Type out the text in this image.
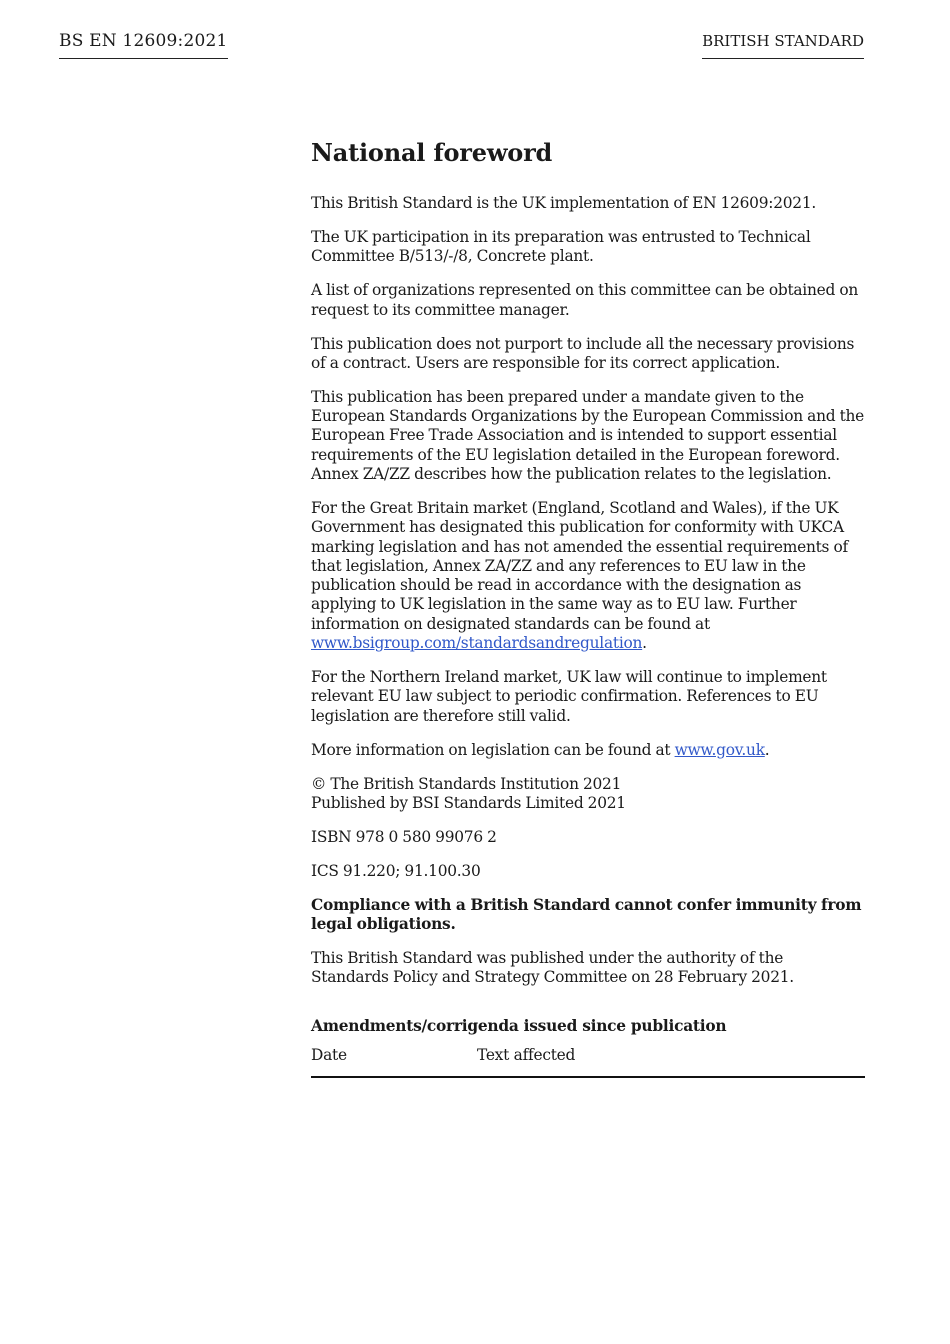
BS EN 12609:2021	BRITISH STANDARD
National foreword

This British Standard is the UK implementation of EN 12609:2021.

The UK participation in its preparation was entrusted to Technical Committee B/513/-/8, Concrete plant.

A list of organizations represented on this committee can be obtained on request to its committee manager.

This publication does not purport to include all the necessary provisions of a contract. Users are responsible for its correct application.

This publication has been prepared under a mandate given to the European Standards Organizations by the European Commission and the European Free Trade Association and is intended to support essential requirements of the EU legislation detailed in the European foreword. Annex ZA/ZZ describes how the publication relates to the legislation.

For the Great Britain market (England, Scotland and Wales), if the UK Government has designated this publication for conformity with UKCA marking legislation and has not amended the essential requirements of that legislation, Annex ZA/ZZ and any references to EU law in the publication should be read in accordance with the designation as applying to UK legislation in the same way as to EU law. Further information on designated standards can be found at www.bsigroup.com/standardsandregulation.

For the Northern Ireland market, UK law will continue to implement relevant EU law subject to periodic confirmation. References to EU legislation are therefore still valid.

More information on legislation can be found at www.gov.uk.

© The British Standards Institution 2021
Published by BSI Standards Limited 2021

ISBN 978 0 580 99076 2

ICS 91.220; 91.100.30

Compliance with a British Standard cannot confer immunity from legal obligations.

This British Standard was published under the authority of the Standards Policy and Strategy Committee on 28 February 2021.

Amendments/corrigenda issued since publication
Date	Text affected
